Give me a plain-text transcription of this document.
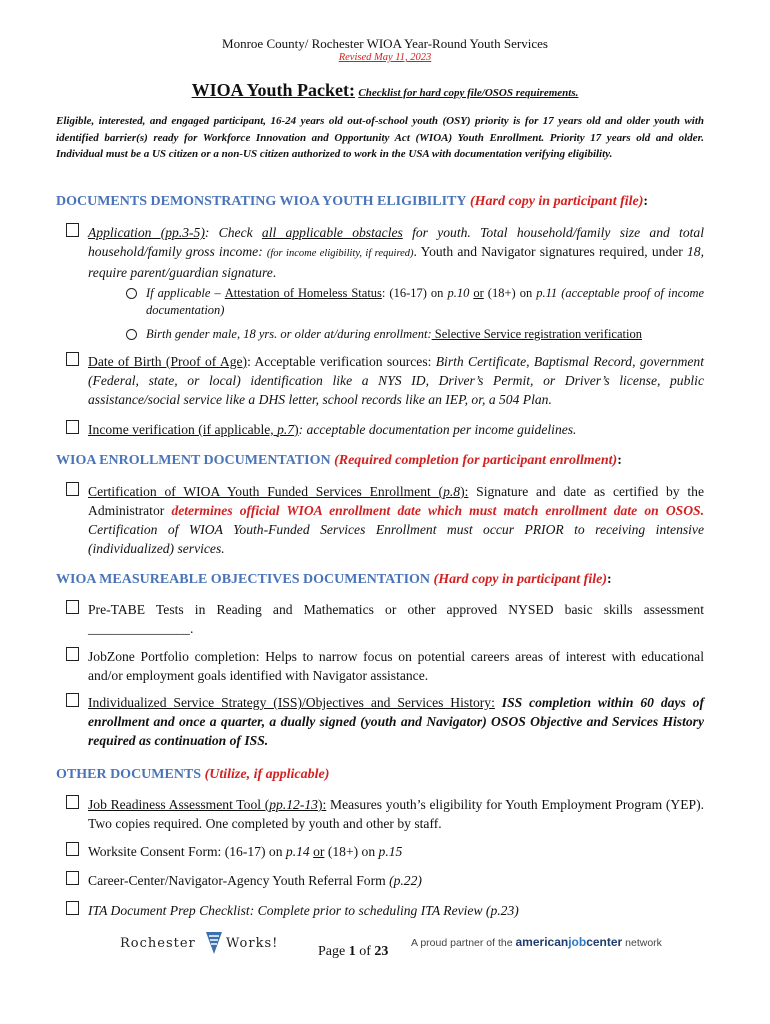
Monroe County/ Rochester WIOA Year-Round Youth Services
Revised May 11, 2023
WIOA Youth Packet: Checklist for hard copy file/OSOS requirements.
Eligible, interested, and engaged participant, 16-24 years old out-of-school youth (OSY) priority is for 17 years old and older youth with identified barrier(s) ready for Workforce Innovation and Opportunity Act (WIOA) Youth Enrollment. Priority 17 years old and older. Individual must be a US citizen or a non-US citizen authorized to work in the USA with documentation verifying eligibility.
DOCUMENTS DEMONSTRATING WIOA YOUTH ELIGIBILITY (Hard copy in participant file):
Application (pp.3-5): Check all applicable obstacles for youth. Total household/family size and total household/family gross income: (for income eligibility, if required). Youth and Navigator signatures required, under 18, require parent/guardian signature.
If applicable – Attestation of Homeless Status: (16-17) on p.10 or (18+) on p.11 (acceptable proof of income documentation)
Birth gender male, 18 yrs. or older at/during enrollment: Selective Service registration verification
Date of Birth (Proof of Age): Acceptable verification sources: Birth Certificate, Baptismal Record, government (Federal, state, or local) identification like a NYS ID, Driver’s Permit, or Driver’s license, public assistance/social service like a DHS letter, school records like an IEP, or, a 504 Plan.
Income verification (if applicable, p.7): acceptable documentation per income guidelines.
WIOA ENROLLMENT DOCUMENTATION (Required completion for participant enrollment):
Certification of WIOA Youth Funded Services Enrollment (p.8): Signature and date as certified by the Administrator determines official WIOA enrollment date which must match enrollment date on OSOS. Certification of WIOA Youth-Funded Services Enrollment must occur PRIOR to receiving intensive (individualized) services.
WIOA MEASUREABLE OBJECTIVES DOCUMENTATION (Hard copy in participant file):
Pre-TABE Tests in Reading and Mathematics or other approved NYSED basic skills assessment _______________.
JobZone Portfolio completion: Helps to narrow focus on potential careers areas of interest with educational and/or employment goals identified with Navigator assistance.
Individualized Service Strategy (ISS)/Objectives and Services History: ISS completion within 60 days of enrollment and once a quarter, a dually signed (youth and Navigator) OSOS Objective and Services History required as continuation of ISS.
OTHER DOCUMENTS (Utilize, if applicable)
Job Readiness Assessment Tool (pp.12-13): Measures youth’s eligibility for Youth Employment Program (YEP). Two copies required. One completed by youth and other by staff.
Worksite Consent Form: (16-17) on p.14 or (18+) on p.15
Career-Center/Navigator-Agency Youth Referral Form (p.22)
ITA Document Prep Checklist: Complete prior to scheduling ITA Review (p.23)
Rochester Works!
Page 1 of 23
A proud partner of the americanjobcenter network
